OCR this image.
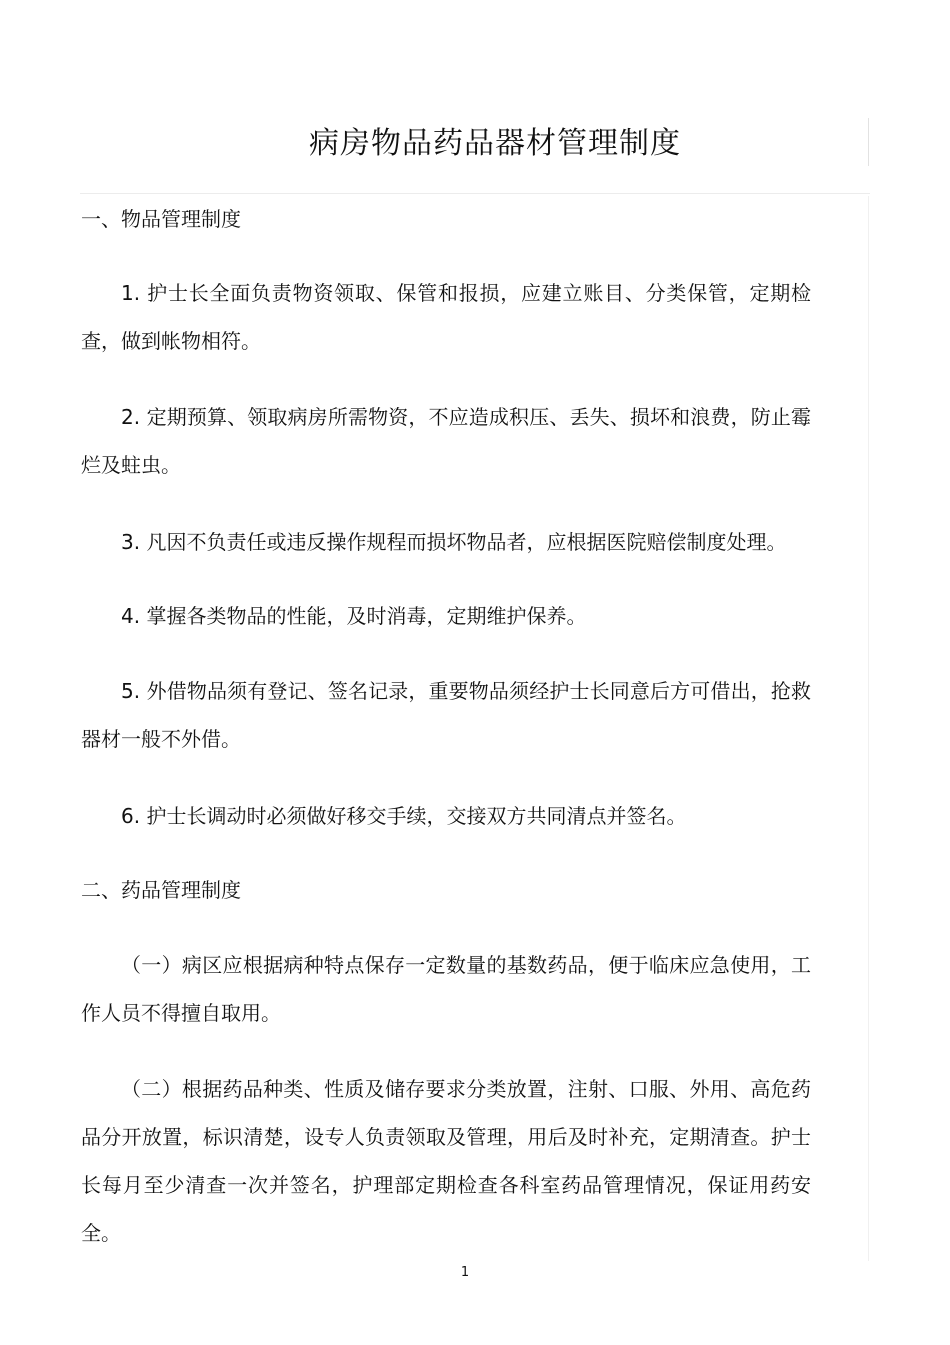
病房物品药品器材管理制度
一、物品管理制度
1. 护士长全面负责物资领取、保管和报损，应建立账目、分类保管，定期检查，做到帐物相符。
2. 定期预算、领取病房所需物资，不应造成积压、丢失、损坏和浪费，防止霉烂及蛀虫。
3. 凡因不负责任或违反操作规程而损坏物品者，应根据医院赔偿制度处理。
4. 掌握各类物品的性能，及时消毒，定期维护保养。
5. 外借物品须有登记、签名记录，重要物品须经护士长同意后方可借出，抢救器材一般不外借。
6. 护士长调动时必须做好移交手续，交接双方共同清点并签名。
二、药品管理制度
（一）病区应根据病种特点保存一定数量的基数药品，便于临床应急使用，工作人员不得擅自取用。
（二）根据药品种类、性质及储存要求分类放置，注射、口服、外用、高危药品分开放置，标识清楚，设专人负责领取及管理，用后及时补充，定期清查。护士长每月至少清查一次并签名，护理部定期检查各科室药品管理情况，保证用药安全。
1
